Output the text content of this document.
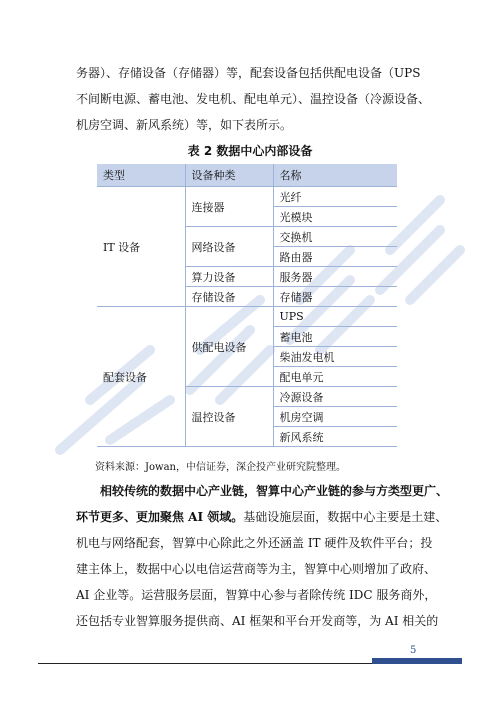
务器）、存储设备（存储器）等，配套设备包括供配电设备（UPS
不间断电源、蓄电池、发电机、配电单元）、温控设备（冷源设备、
机房空调、新风系统）等，如下表所示。
表 2 数据中心内部设备
类型	设备种类	名称
IT 设备	连接器	光纤
		光模块
	网络设备	交换机
		路由器
	算力设备	服务器
	存储设备	存储器
配套设备	供配电设备	UPS
		蓄电池
		柴油发电机
		配电单元
	温控设备	冷源设备
		机房空调
		新风系统
资料来源：Jowan，中信证券，深企投产业研究院整理。
相较传统的数据中心产业链，智算中心产业链的参与方类型更广、
环节更多、更加聚焦 AI 领域。基础设施层面，数据中心主要是土建、
机电与网络配套，智算中心除此之外还涵盖 IT 硬件及软件平台；投
建主体上，数据中心以电信运营商等为主，智算中心则增加了政府、
AI 企业等。运营服务层面，智算中心参与者除传统 IDC 服务商外，
还包括专业智算服务提供商、AI 框架和平台开发商等，为 AI 相关的
5
